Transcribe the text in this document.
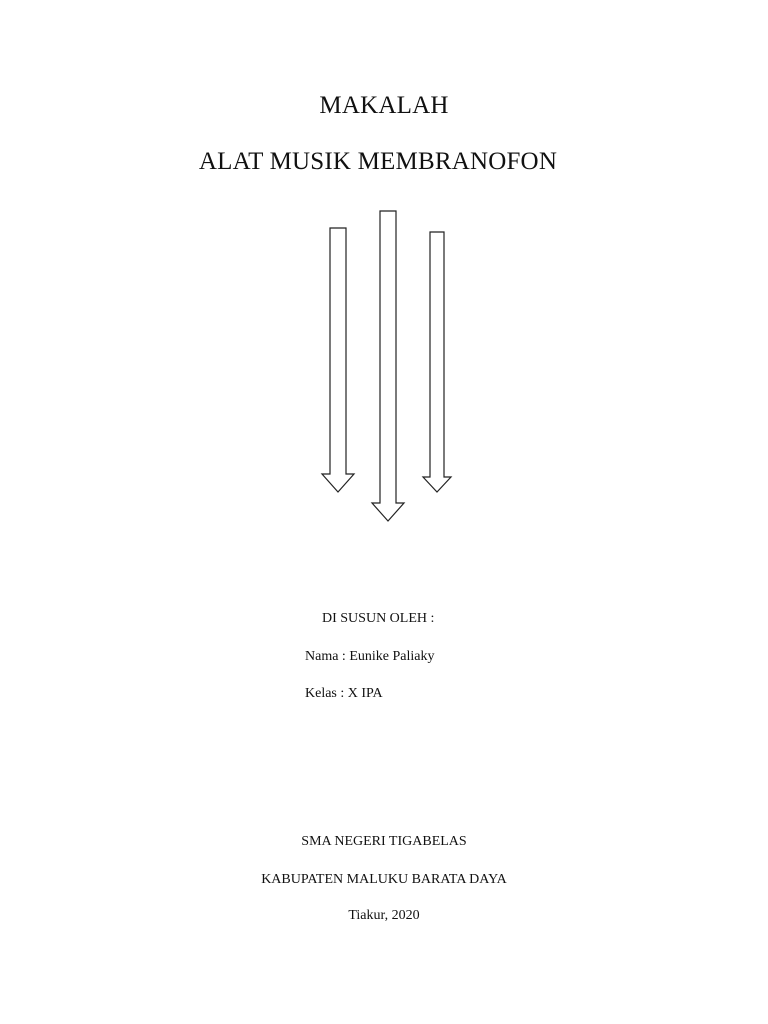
MAKALAH
ALAT MUSIK MEMBRANOFON
DI SUSUN OLEH :
Nama : Eunike Paliaky
Kelas : X IPA
SMA NEGERI TIGABELAS
KABUPATEN MALUKU BARATA DAYA
Tiakur, 2020
